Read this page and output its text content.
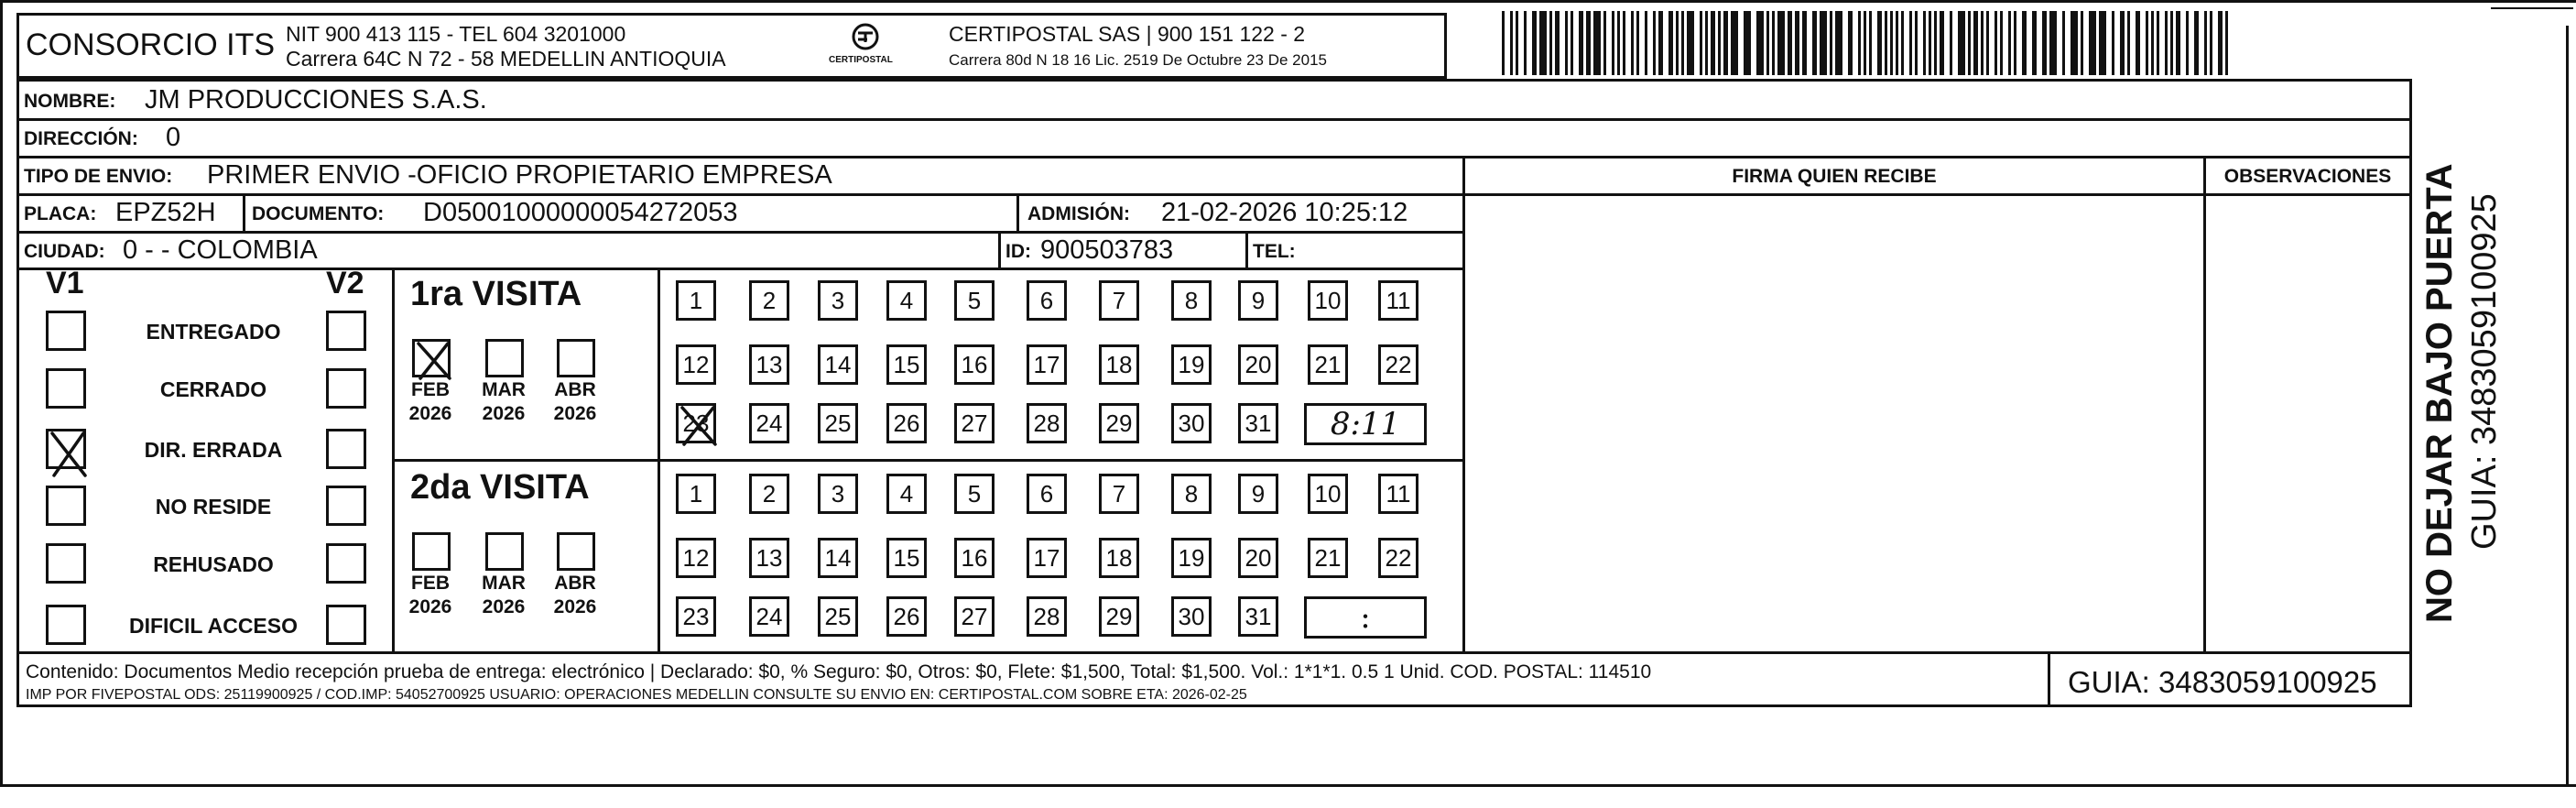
CONSORCIO ITS NIT 900 413 115 - TEL 604 3201000
Carrera 64C N 72 - 58 MEDELLIN ANTIOQUIA	CERTIPOSTAL
CERTIPOSTAL SAS | 900 151 122 - 2
Carrera 80d N 18 16 Lic. 2519 De Octubre 23 De 2015
NOMBRE: JM PRODUCCIONES S.A.S.
DIRECCIÓN: 0
TIPO DE ENVIO: PRIMER ENVIO -OFICIO PROPIETARIO EMPRESA	FIRMA QUIEN RECIBE	OBSERVACIONES
PLACA: EPZ52H DOCUMENTO: D05001000000054272053	ADMISIÓN: 21-02-2026 10:25:12
CIUDAD: 0 - - COLOMBIA	ID: 900503783	TEL:
V1	V2
ENTREGADO
CERRADO
DIR. ERRADA
NO RESIDE
REHUSADO
DIFICIL ACCESO
1ra VISITA
FEB
2026
MAR
2026
ABR
2026
1	2 3 4 5 6 7 8 9 10 11
12 13 14 15 16 17 18 19 20 21 22
23 24 25 26 27 28 29 30 31 8:11
2da VISITA
FEB
2026
MAR
2026
ABR
2026
1	2 3 4 5 6 7 8 9 10 11
12 13 14 15 16 17 18 19 20 21 22
23 24 25 26 27 28 29 30 31	:
Contenido: Documentos Medio recepción prueba de entrega: electrónico | Declarado: $0, % Seguro: $0, Otros: $0, Flete: $1,500, Total: $1,500. Vol.: 1*1*1. 0.5 1 Unid. COD. POSTAL: 114510
IMP POR FIVEPOSTAL ODS: 25119900925 / COD.IMP: 54052700925 USUARIO: OPERACIONES MEDELLIN CONSULTE SU ENVIO EN: CERTIPOSTAL.COM SOBRE ETA: 2026-02-25	GUIA: 3483059100925
NO DEJAR BAJO PUERTA GUIA: 3483059100925
